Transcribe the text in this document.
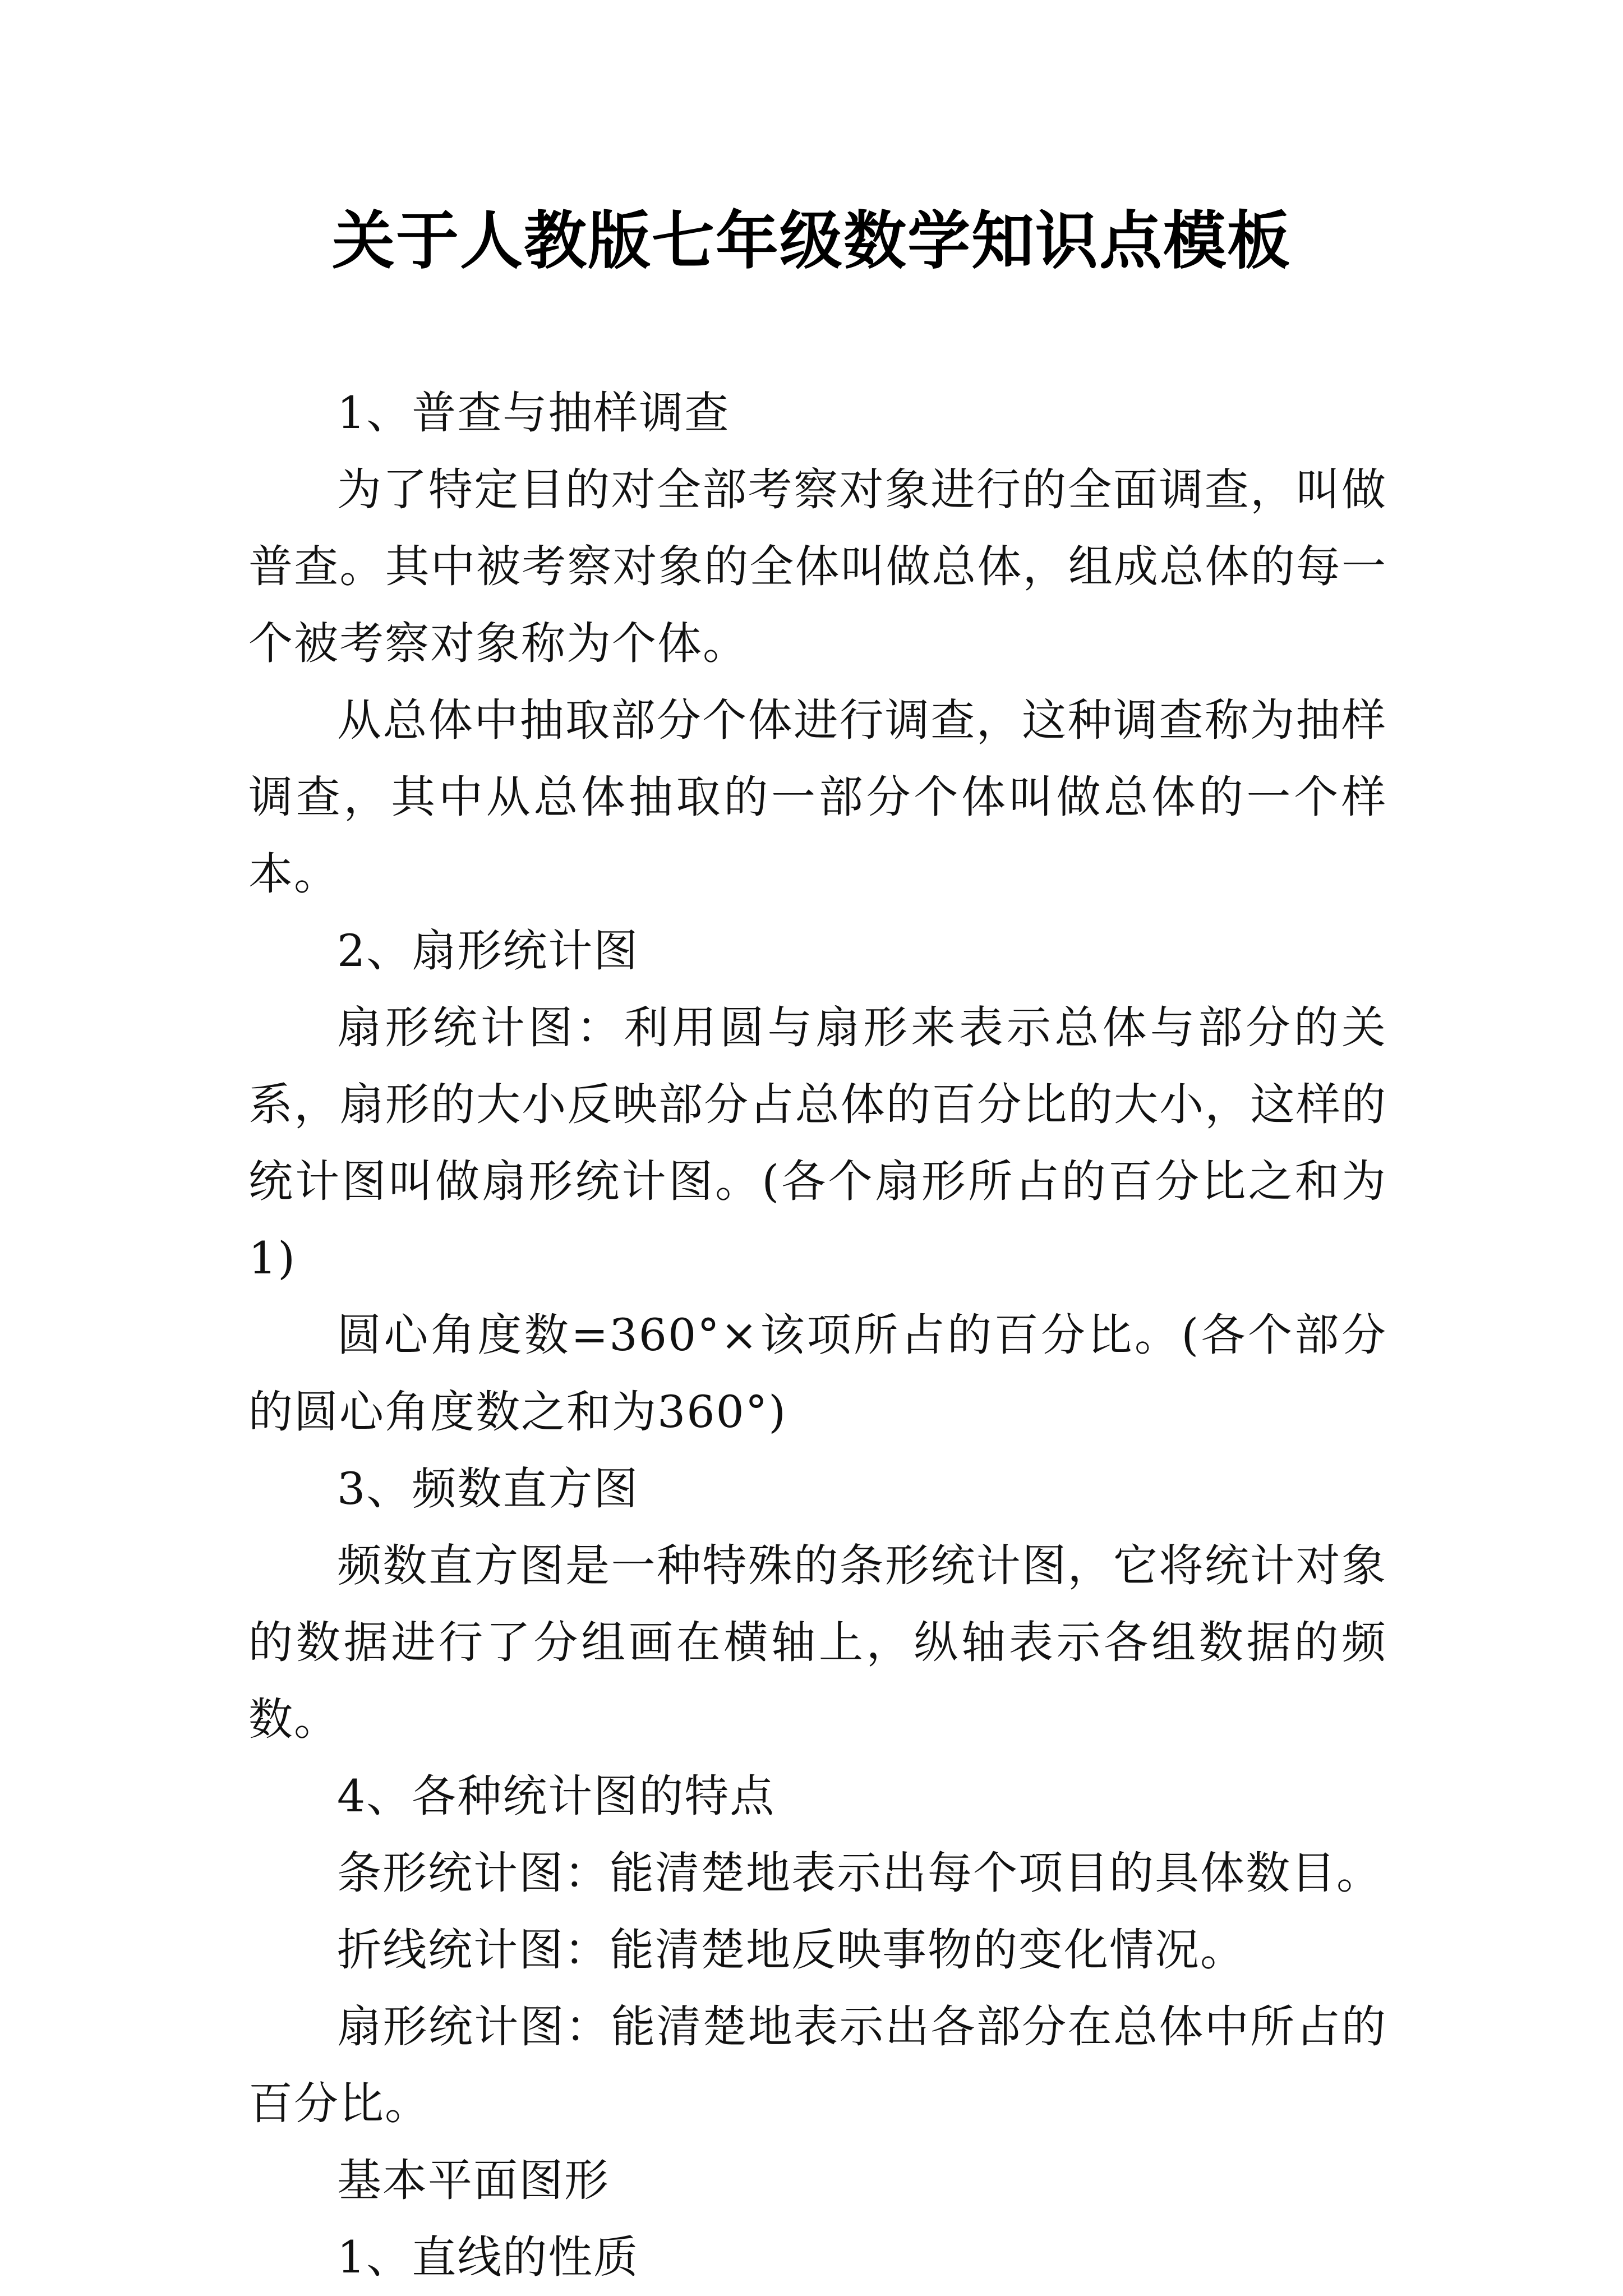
关于人教版七年级数学知识点模板

1、普查与抽样调查

为了特定目的对全部考察对象进行的全面调查，叫做普查。其中被考察对象的全体叫做总体，组成总体的每一个被考察对象称为个体。

从总体中抽取部分个体进行调查，这种调查称为抽样调查，其中从总体抽取的一部分个体叫做总体的一个样本。

2、扇形统计图

扇形统计图：利用圆与扇形来表示总体与部分的关系，扇形的大小反映部分占总体的百分比的大小，这样的统计图叫做扇形统计图。(各个扇形所占的百分比之和为1)

圆心角度数=360°×该项所占的百分比。(各个部分的圆心角度数之和为360°)

3、频数直方图

频数直方图是一种特殊的条形统计图，它将统计对象的数据进行了分组画在横轴上，纵轴表示各组数据的频数。

4、各种统计图的特点

条形统计图：能清楚地表示出每个项目的具体数目。

折线统计图：能清楚地反映事物的变化情况。

扇形统计图：能清楚地表示出各部分在总体中所占的百分比。

基本平面图形

1、直线的性质
